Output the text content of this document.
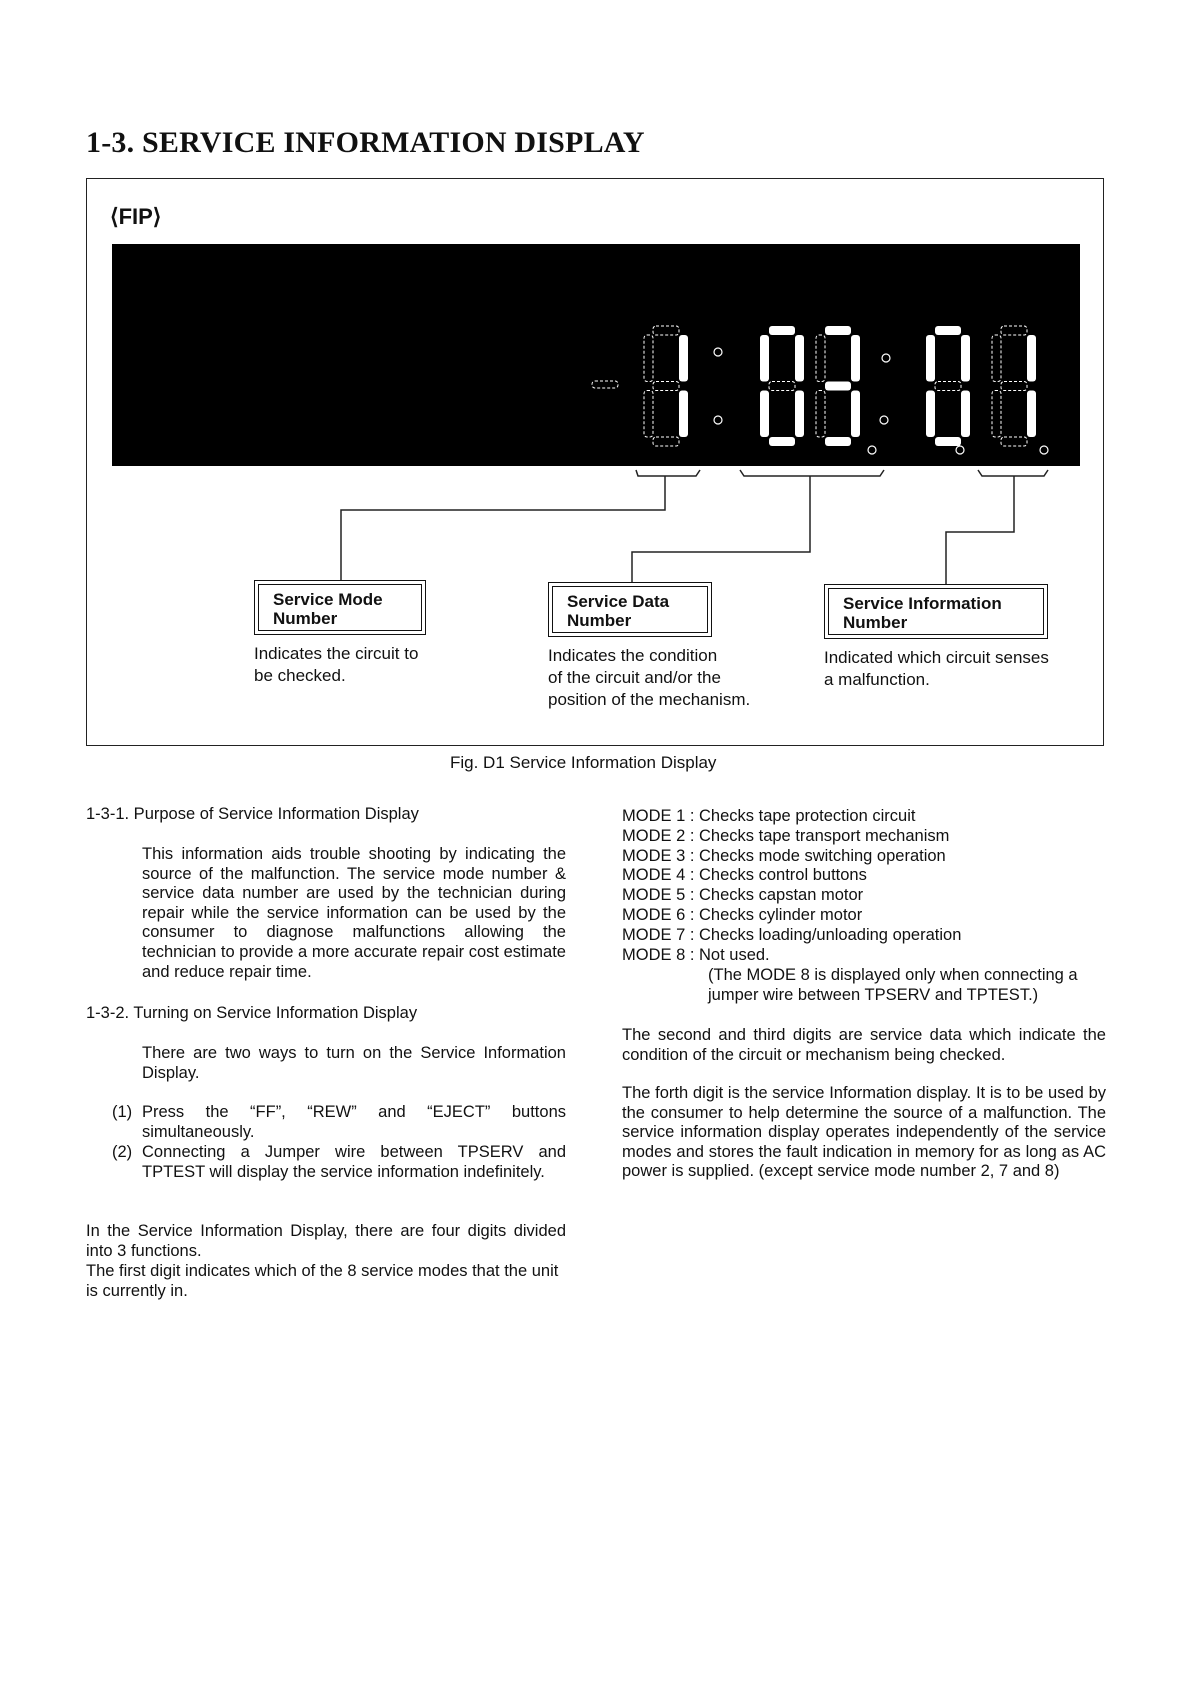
1-3. SERVICE INFORMATION DISPLAY
⟨FIP⟩
Service Mode
Number
Indicates the circuit to
be checked.
Service Data
Number
Indicates the condition
of the circuit and/or the
position of the mechanism.
Service Information
Number
Indicated which circuit senses
a malfunction.
Fig. D1 Service Information Display
1-3-1. Purpose of Service Information Display
This information aids trouble shooting by indicating the source of the malfunction. The service mode number & service data number are used by the technician during repair while the service information can be used by the consumer to diagnose malfunctions allowing the technician to provide a more accurate repair cost estimate and reduce repair time.
1-3-2. Turning on Service Information Display
There are two ways to turn on the Service Information Display.
(1) Press the “FF”, “REW” and “EJECT” buttons simultaneously.
(2) Connecting a Jumper wire between TPSERV and TPTEST will display the service information indefinitely.
In the Service Information Display, there are four digits divided into 3 functions.
The first digit indicates which of the 8 service modes that the unit is currently in.
MODE 1 : Checks tape protection circuit
MODE 2 : Checks tape transport mechanism
MODE 3 : Checks mode switching operation
MODE 4 : Checks control buttons
MODE 5 : Checks capstan motor
MODE 6 : Checks cylinder motor
MODE 7 : Checks loading/unloading operation
MODE 8 : Not used.
(The MODE 8 is displayed only when connecting a jumper wire between TPSERV and TPTEST.)
The second and third digits are service data which indicate the condition of the circuit or mechanism being checked.
The forth digit is the service Information display. It is to be used by the consumer to help determine the source of a malfunction. The service information display operates independently of the service modes and stores the fault indication in memory for as long as AC power is supplied. (except service mode number 2, 7 and 8)
